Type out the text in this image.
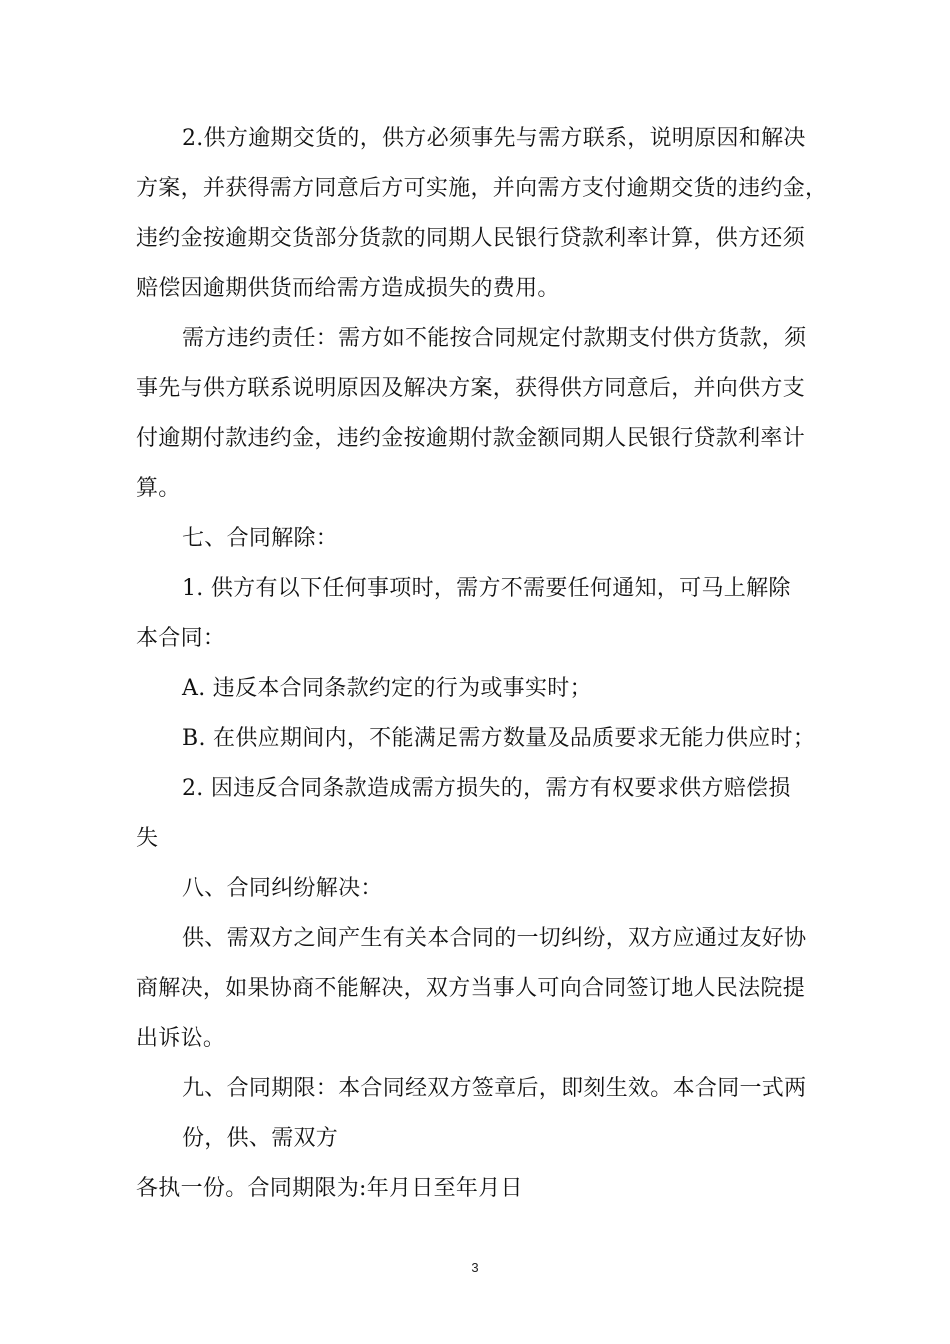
2.供方逾期交货的，供方必须事先与需方联系，说明原因和解决
方案，并获得需方同意后方可实施，并向需方支付逾期交货的违约金，
违约金按逾期交货部分货款的同期人民银行贷款利率计算，供方还须
赔偿因逾期供货而给需方造成损失的费用。
需方违约责任：需方如不能按合同规定付款期支付供方货款，须
事先与供方联系说明原因及解决方案，获得供方同意后，并向供方支
付逾期付款违约金，违约金按逾期付款金额同期人民银行贷款利率计
算。
七、合同解除：
1. 供方有以下任何事项时，需方不需要任何通知，可马上解除
本合同：
A. 违反本合同条款约定的行为或事实时；
B. 在供应期间内，不能满足需方数量及品质要求无能力供应时；
2. 因违反合同条款造成需方损失的，需方有权要求供方赔偿损
失
八、合同纠纷解决：
供、需双方之间产生有关本合同的一切纠纷，双方应通过友好协
商解决，如果协商不能解决，双方当事人可向合同签订地人民法院提
出诉讼。
九、合同期限：本合同经双方签章后，即刻生效。本合同一式两
份，供、需双方
各执一份。合同期限为:年月日至年月日
3
